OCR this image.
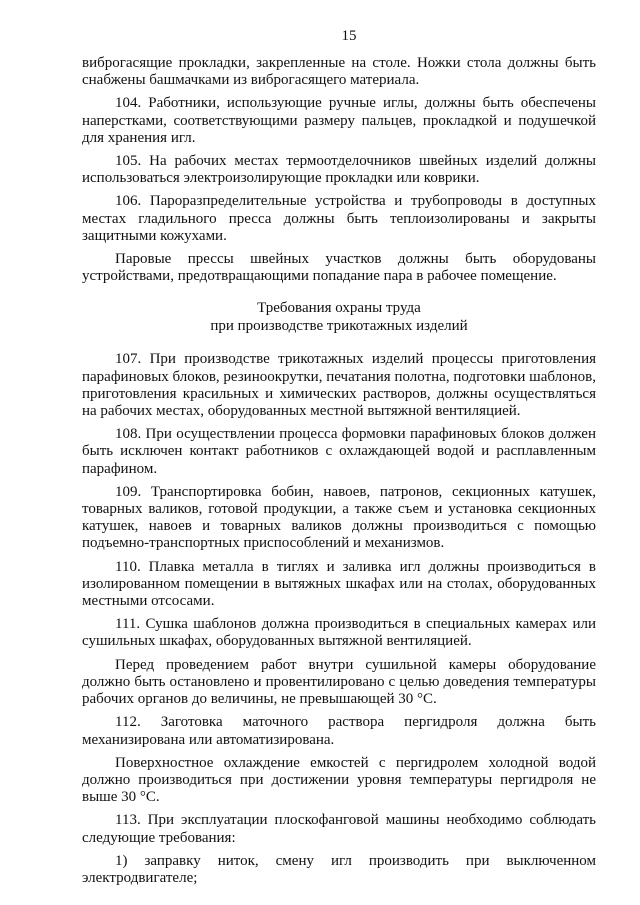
15

виброгасящие прокладки, закрепленные на столе. Ножки стола должны быть снабжены башмачками из виброгасящего материала.

104. Работники, использующие ручные иглы, должны быть обеспечены наперстками, соответствующими размеру пальцев, прокладкой и подушечкой для хранения игл.

105. На рабочих местах термоотделочников швейных изделий должны использоваться электроизолирующие прокладки или коврики.

106. Пароразпределительные устройства и трубопроводы в доступных местах гладильного пресса должны быть теплоизолированы и закрыты защитными кожухами.

Паровые прессы швейных участков должны быть оборудованы устройствами, предотвращающими попадание пара в рабочее помещение.

Требования охраны труда
при производстве трикотажных изделий

107. При производстве трикотажных изделий процессы приготовления парафиновых блоков, резиноокрутки, печатания полотна, подготовки шаблонов, приготовления красильных и химических растворов, должны осуществляться на рабочих местах, оборудованных местной вытяжной вентиляцией.

108. При осуществлении процесса формовки парафиновых блоков должен быть исключен контакт работников с охлаждающей водой и расплавленным парафином.

109. Транспортировка бобин, навоев, патронов, секционных катушек, товарных валиков, готовой продукции, а также съем и установка секционных катушек, навоев и товарных валиков должны производиться с помощью подъемно-транспортных приспособлений и механизмов.

110. Плавка металла в тиглях и заливка игл должны производиться в изолированном помещении в вытяжных шкафах или на столах, оборудованных местными отсосами.

111. Сушка шаблонов должна производиться в специальных камерах или сушильных шкафах, оборудованных вытяжной вентиляцией.

Перед проведением работ внутри сушильной камеры оборудование должно быть остановлено и провентилировано с целью доведения температуры рабочих органов до величины, не превышающей 30 °С.

112. Заготовка маточного раствора пергидроля должна быть механизирована или автоматизирована.

Поверхностное охлаждение емкостей с пергидролем холодной водой должно производиться при достижении уровня температуры пергидроля не выше 30 °С.

113. При эксплуатации плоскофанговой машины необходимо соблюдать следующие требования:

1) заправку ниток, смену игл производить при выключенном электродвигателе;
